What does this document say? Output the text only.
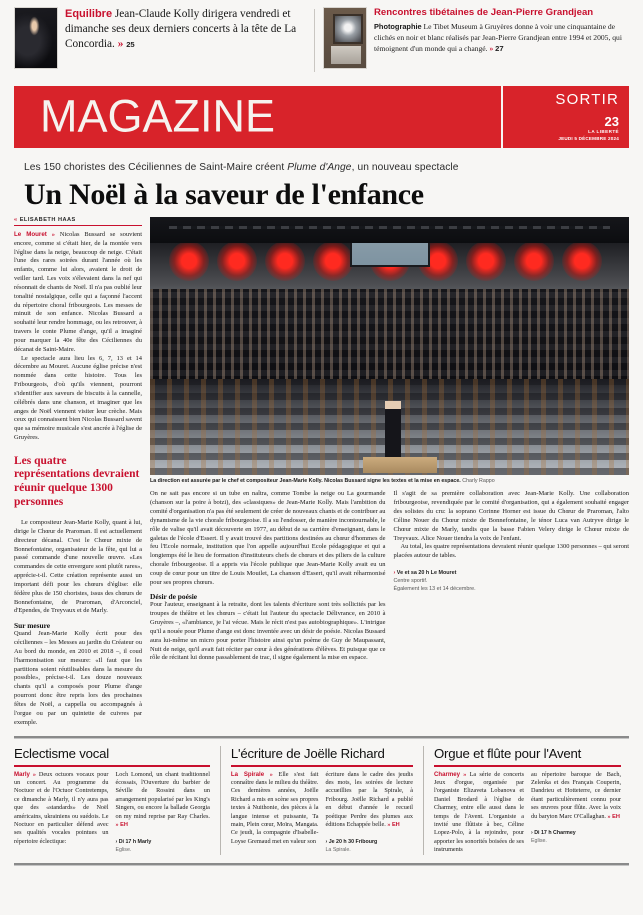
Equilibre Jean-Claude Kolly dirigera vendredi et dimanche ses deux derniers concerts à la tête de La Concordia. » 25
Rencontres tibétaines de Jean-Pierre Grandjean
Photographie Le Tibet Museum à Gruyères donne à voir une cinquantaine de clichés en noir et blanc réalisés par Jean-Pierre Grandjean entre 1994 et 2005, qui témoignent d'un monde qui a changé. » 27
MAGAZINE	SORTIR
23
LA LIBERTÉ
JEUDI 5 DÉCEMBRE 2024
Les 150 choristes des Céciliennes de Saint-Maire créent Plume d'Ange, un nouveau spectacle
Un Noël à la saveur de l'enfance
« ELISABETH HAAS

Le Mouret » Nicolas Bussard se souvient encore, comme si c'était hier, de la montée vers l'église dans la neige, beaucoup de neige. C'était l'une des rares soirées durant l'année où les enfants, comme lui alors, avaient le droit de veiller tard. Les voix s'élevaient dans la nef qui résonnait de chants de Noël. Il n'a pas oublié leur tonalité nostalgique, celle qui a façonné l'accent du répertoire choral fribourgeois. Les messes de minuit de son enfance. Nicolas Bussard a souhaité leur rendre hommage, ou les retrouver, à travers le conte Plume d'ange, qu'il a imaginé pour marquer la 40e fête des Céciliennes du décanat de Saint-Maire.

Le spectacle aura lieu les 6, 7, 13 et 14 décembre au Mouret. Aucune église précise n'est nommée dans cette histoire. Tous les Fribourgeois, d'où qu'ils viennent, pourront s'identifier aux saveurs de biscuits à la cannelle, célébrés dans une chanson, et imaginer que les anges de Noël viennent visiter leur crèche. Mais ceux qui connaissent bien Nicolas Bussard savent que sa mémoire musicale s'est ancrée à l'église de Gruyères.

Les quatre représentations devraient réunir quelque 1300 personnes

Le compositeur Jean-Marie Kolly, quant à lui, dirige le Chœur de Praroman. Il est actuellement directeur décanal. C'est le Chœur mixte de Bonnefontaine, organisateur de la fête, qui lui a passé commande d'une nouvelle œuvre. «Les commandes de cette envergure sont plutôt rares», apprécie-t-il. Cette création représente aussi un important défi pour les chœurs d'église: elle fédère plus de 150 choristes, issus des chœurs de Bonnefontaine, de Praroman, d'Arconciel, d'Ependes, de Treyvaux et de Marly.

Sur mesure

Quand Jean-Marie Kolly écrit pour des céciliennes – les Messes au jardin du Créateur ou Au bord du monde, en 2010 et 2018 –, il coud l'harmonisation sur mesure: «Il faut que les partitions soient réutilisables dans la mesure du possible», précise-t-il. Les douze nouveaux chants qu'il a composés pour Plume d'ange pourront donc être repris lors des prochaines fêtes de Noël, a cappella ou accompagnés à l'orgue ou par un quintette de cuivres par exemple.

La direction est assurée par le chef et compositeur Jean-Marie Kolly. Nicolas Bussard signe les textes et la mise en espace. Charly Rappo

On ne sait pas encore si un tube en naîtra, comme Tombe la neige ou La gourmande (chanson sur la poire à botzi), des «classiques» de Jean-Marie Kolly. Mais l'ambition du comité d'organisation n'a pas été seulement de créer de nouveaux chants et de contribuer au dynamisme de la vie chorale fribourgeoise. Il a su l'endosser, de manière incontournable, le rôle de valise qu'il avait découverte en 1977, au début de sa carrière d'enseignant, dans le galetas de l'école d'Essert. Il y avait trouvé des partitions destinées au chœur d'hommes de feu l'Ecole normale, institution que l'on appelle aujourd'hui Ecole pédagogique et qui a longtemps été le lieu de formation d'instituteurs chefs de chœurs et des piliers de la culture chorale fribourgeoise. Il a appris via l'école publique que Jean-Marie Kolly avait eu un coup de cœur pour un titre de Louis Mouilet, La chanson d'Essert, qu'il avait réharmonisé pour ses propres chœurs.

Désir de poésie

Pour l'auteur, enseignant à la retraite, dont les talents d'écriture sont très sollicités par les troupes de théâtre et les chœurs – c'était lui l'auteur du spectacle Délivrance, en 2010 à Gruyères –, «l'ambiance, je l'ai vécue. Mais le récit n'est pas autobiographique». L'intrigue qu'il a nouée pour Plume d'ange est donc inventée avec un désir de poésie. Nicolas Bussard aura lui-même un micro pour porter l'histoire ainsi qu'un poème de Guy de Maupassant, Nuit de neige, qu'il avait fait réciter par cœur à des générations d'élèves. Et puisque que ce rôle de récitant lui donne passablement de trac, il signe également la mise en espace.

Il s'agit de sa première collaboration avec Jean-Marie Kolly. Une collaboration fribourgeoise, revendiquée par le comité d'organisation, qui a également souhaité engager des solistes du cru: la soprano Corinne Horner est issue du Chœur de Praroman, l'alto Céline Nouer du Chœur mixte de Bonnefontaine, le ténor Luca van Autryve dirige le Chœur mixte de Marly, tandis que la basse Fabien Velery dirige le Chœur mixte de Treyvaux. Alice Nouer tiendra la voix de l'enfant.

Au total, les quatre représentations devraient réunir quelque 1300 personnes – qui seront placées autour de tables.

› Ve et sa 20 h Le Mouret
Centre sportif.
Également les 13 et 14 décembre.
Eclectisme vocal

Marly » Deux octuors vocaux pour un concert. Au programme du Noctuor et de l'Octuor Contretemps, ce dimanche à Marly, il n'y aura pas que des «standards» de Noël américains, ukrainiens ou suédois. Le Noctuor en particulier défend avec ses qualités vocales pointues un répertoire éclectique:

Loch Lomond, un chant traditionnel écossais, l'Ouverture du barbier de Séville de Rossini dans un arrangement popularisé par les King's Singers, ou encore la ballade Georgia on my mind reprise par Ray Charles. » EH

› Di 17 h Marly
Eglise.
L'écriture de Joëlle Richard

La Spirale » Elle s'est fait connaître dans le milieu du théâtre. Ces dernières années, Joëlle Richard a mis en scène ses propres textes à Nuithonie, des pièces à la langue intense et puissante, Ta main, Plein cœur, Moïra, Mangata. Ce jeudi, la compagnie d'Isabelle-Loyse Gremaud met en valeur son

écriture dans le cadre des jeudis des mots, les soirées de lecture accueillies par la Spirale, à Fribourg. Joëlle Richard a publié en début d'année le recueil poétique Perdre des plumes aux éditions Echappée belle. » EH

› Je 20 h 30 Fribourg
La Spirale.
Orgue et flûte pour l'Avent

Charmey » La série de concerts Jeux d'orgue, organisée par l'organiste Elizaveta Lobanova et Daniel Brodard à l'église de Charmey, entre elle aussi dans le temps de l'Avent. L'organiste a invité une flûtiste à bec, Céline Lopez-Polo, à la rejoindre, pour apporter les sonorités boisées de ses instruments

au répertoire baroque de Bach, Zelenka et des Français Couperin, Dandrieu et Hotteterre, ce dernier étant particulièrement connu pour ses œuvres pour flûte. Avec la voix du baryton Marc O'Callaghan. » EH

› Di 17 h Charmey
Eglise.
